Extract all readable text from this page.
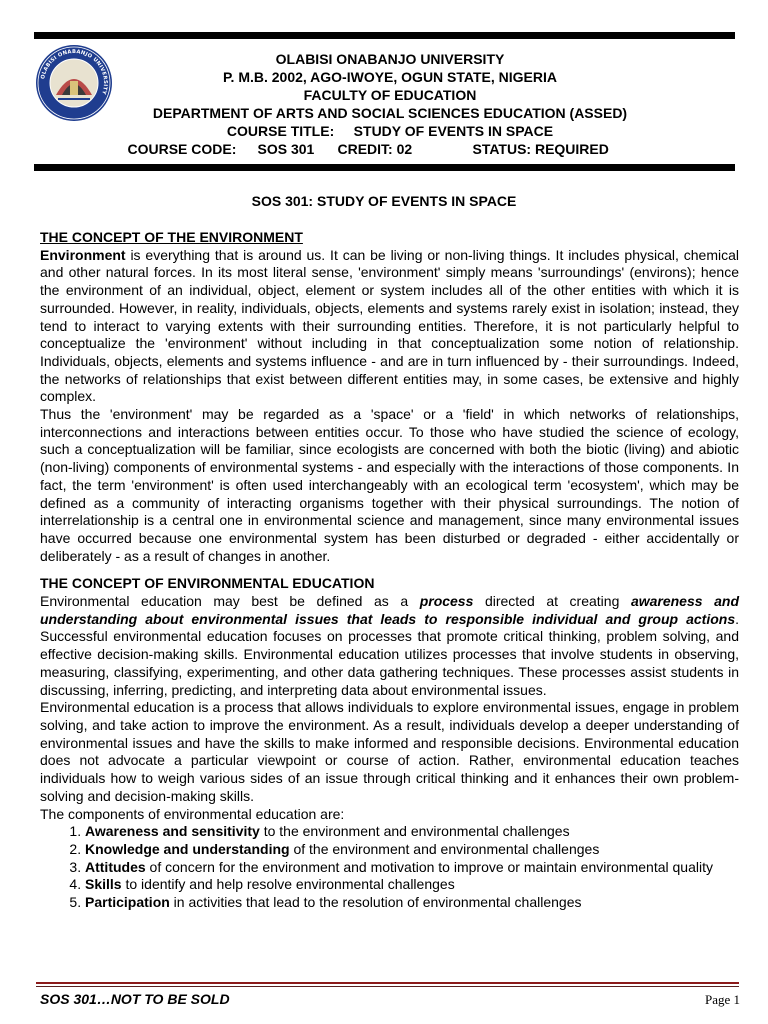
OLABISI ONABANJO UNIVERSITY
OLABISI ONABANJO UNIVERSITY
P. M.B. 2002, AGO-IWOYE, OGUN STATE, NIGERIA
FACULTY OF EDUCATION
DEPARTMENT OF ARTS AND SOCIAL SCIENCES EDUCATION (ASSED)
COURSE TITLE:     STUDY OF EVENTS IN SPACE
COURSE CODE:	SOS 301	CREDIT: 02	STATUS: REQUIRED
SOS 301: STUDY OF EVENTS IN SPACE

THE CONCEPT OF THE ENVIRONMENT

Environment is everything that is around us. It can be living or non-living things. It includes physical, chemical and other natural forces. In its most literal sense, 'environment' simply means 'surroundings' (environs); hence the environment of an individual, object, element or system includes all of the other entities with which it is surrounded. However, in reality, individuals, objects, elements and systems rarely exist in isolation; instead, they tend to interact to varying extents with their surrounding entities. Therefore, it is not particularly helpful to conceptualize the 'environment' without including in that conceptualization some notion of relationship. Individuals, objects, elements and systems influence - and are in turn influenced by - their surroundings. Indeed, the networks of relationships that exist between different entities may, in some cases, be extensive and highly complex.

Thus the 'environment' may be regarded as a 'space' or a 'field' in which networks of relationships, interconnections and interactions between entities occur. To those who have studied the science of ecology, such a conceptualization will be familiar, since ecologists are concerned with both the biotic (living) and abiotic (non-living) components of environmental systems - and especially with the interactions of those components. In fact, the term 'environment' is often used interchangeably with an ecological term 'ecosystem', which may be defined as a community of interacting organisms together with their physical surroundings. The notion of interrelationship is a central one in environmental science and management, since many environmental issues have occurred because one environmental system has been disturbed or degraded - either accidentally or deliberately - as a result of changes in another.

THE CONCEPT OF ENVIRONMENTAL EDUCATION

Environmental education may best be defined as a process directed at creating awareness and understanding about environmental issues that leads to responsible individual and group actions. Successful environmental education focuses on processes that promote critical thinking, problem solving, and effective decision-making skills. Environmental education utilizes processes that involve students in observing, measuring, classifying, experimenting, and other data gathering techniques. These processes assist students in discussing, inferring, predicting, and interpreting data about environmental issues.

Environmental education is a process that allows individuals to explore environmental issues, engage in problem solving, and take action to improve the environment. As a result, individuals develop a deeper understanding of environmental issues and have the skills to make informed and responsible decisions. Environmental education does not advocate a particular viewpoint or course of action. Rather, environmental education teaches individuals how to weigh various sides of an issue through critical thinking and it enhances their own problem-solving and decision-making skills.

The components of environmental education are:

1. Awareness and sensitivity to the environment and environmental challenges
2. Knowledge and understanding of the environment and environmental challenges
3. Attitudes of concern for the environment and motivation to improve or maintain environmental quality
4. Skills to identify and help resolve environmental challenges
5. Participation in activities that lead to the resolution of environmental challenges
SOS 301…NOT TO BE SOLD	Page 1
